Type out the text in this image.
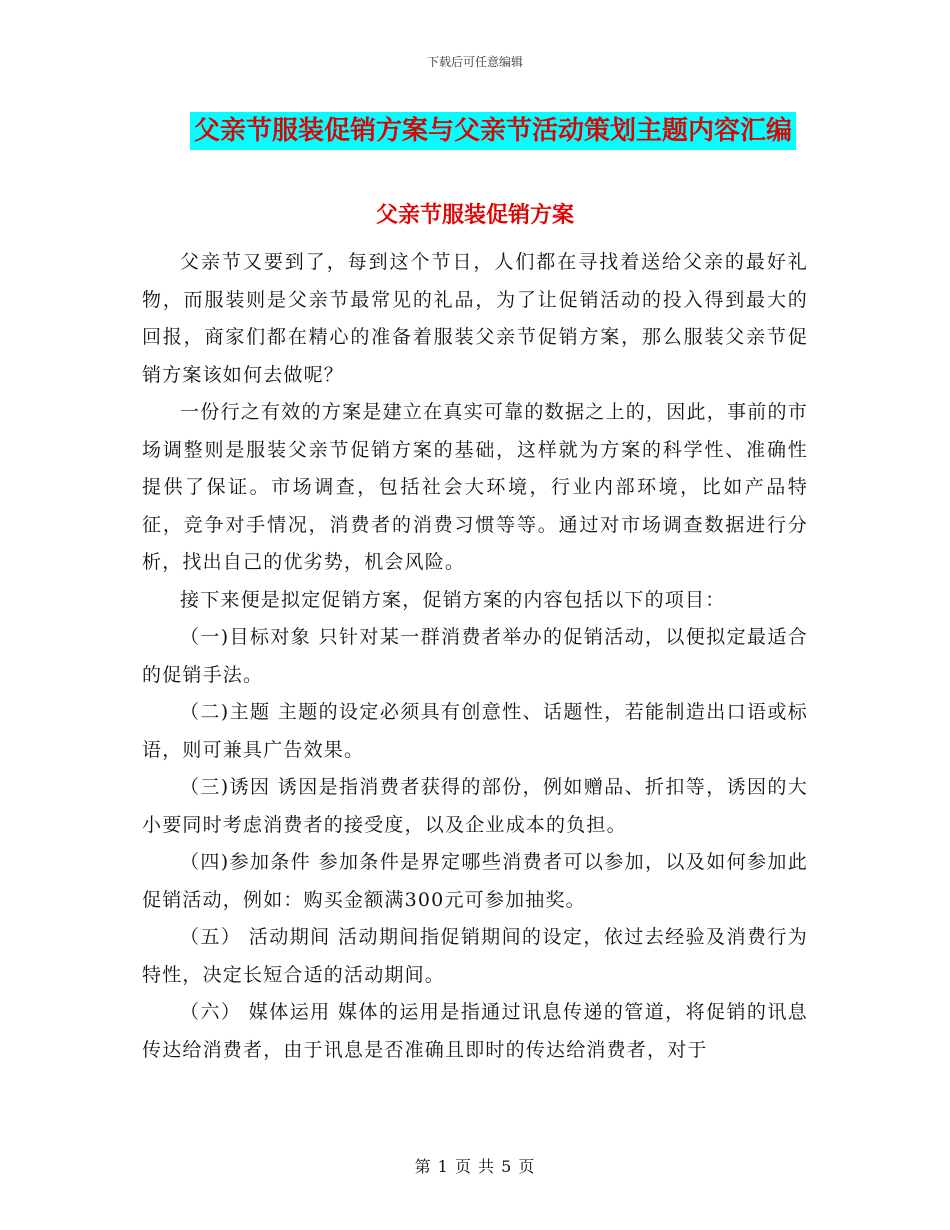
下载后可任意编辑
父亲节服装促销方案与父亲节活动策划主题内容汇编
父亲节服装促销方案

父亲节又要到了，每到这个节日，人们都在寻找着送给父亲的最好礼物，而服装则是父亲节最常见的礼品，为了让促销活动的投入得到最大的回报，商家们都在精心的准备着服装父亲节促销方案，那么服装父亲节促销方案该如何去做呢？

一份行之有效的方案是建立在真实可靠的数据之上的，因此，事前的市场调整则是服装父亲节促销方案的基础，这样就为方案的科学性、准确性提供了保证。市场调查，包括社会大环境，行业内部环境，比如产品特征，竞争对手情况，消费者的消费习惯等等。通过对市场调查数据进行分析，找出自己的优劣势，机会风险。

接下来便是拟定促销方案，促销方案的内容包括以下的项目：

（一)目标对象 只针对某一群消费者举办的促销活动，以便拟定最适合的促销手法。

（二)主题 主题的设定必须具有创意性、话题性，若能制造出口语或标语，则可兼具广告效果。

（三)诱因 诱因是指消费者获得的部份，例如赠品、折扣等，诱因的大小要同时考虑消费者的接受度，以及企业成本的负担。

（四)参加条件 参加条件是界定哪些消费者可以参加，以及如何参加此促销活动，例如：购买金额满300元可参加抽奖。

（五） 活动期间 活动期间指促销期间的设定，依过去经验及消费行为特性，决定长短合适的活动期间。

（六） 媒体运用 媒体的运用是指通过讯息传递的管道，将促销的讯息传达给消费者，由于讯息是否准确且即时的传达给消费者，对于

第 1 页 共 5 页
